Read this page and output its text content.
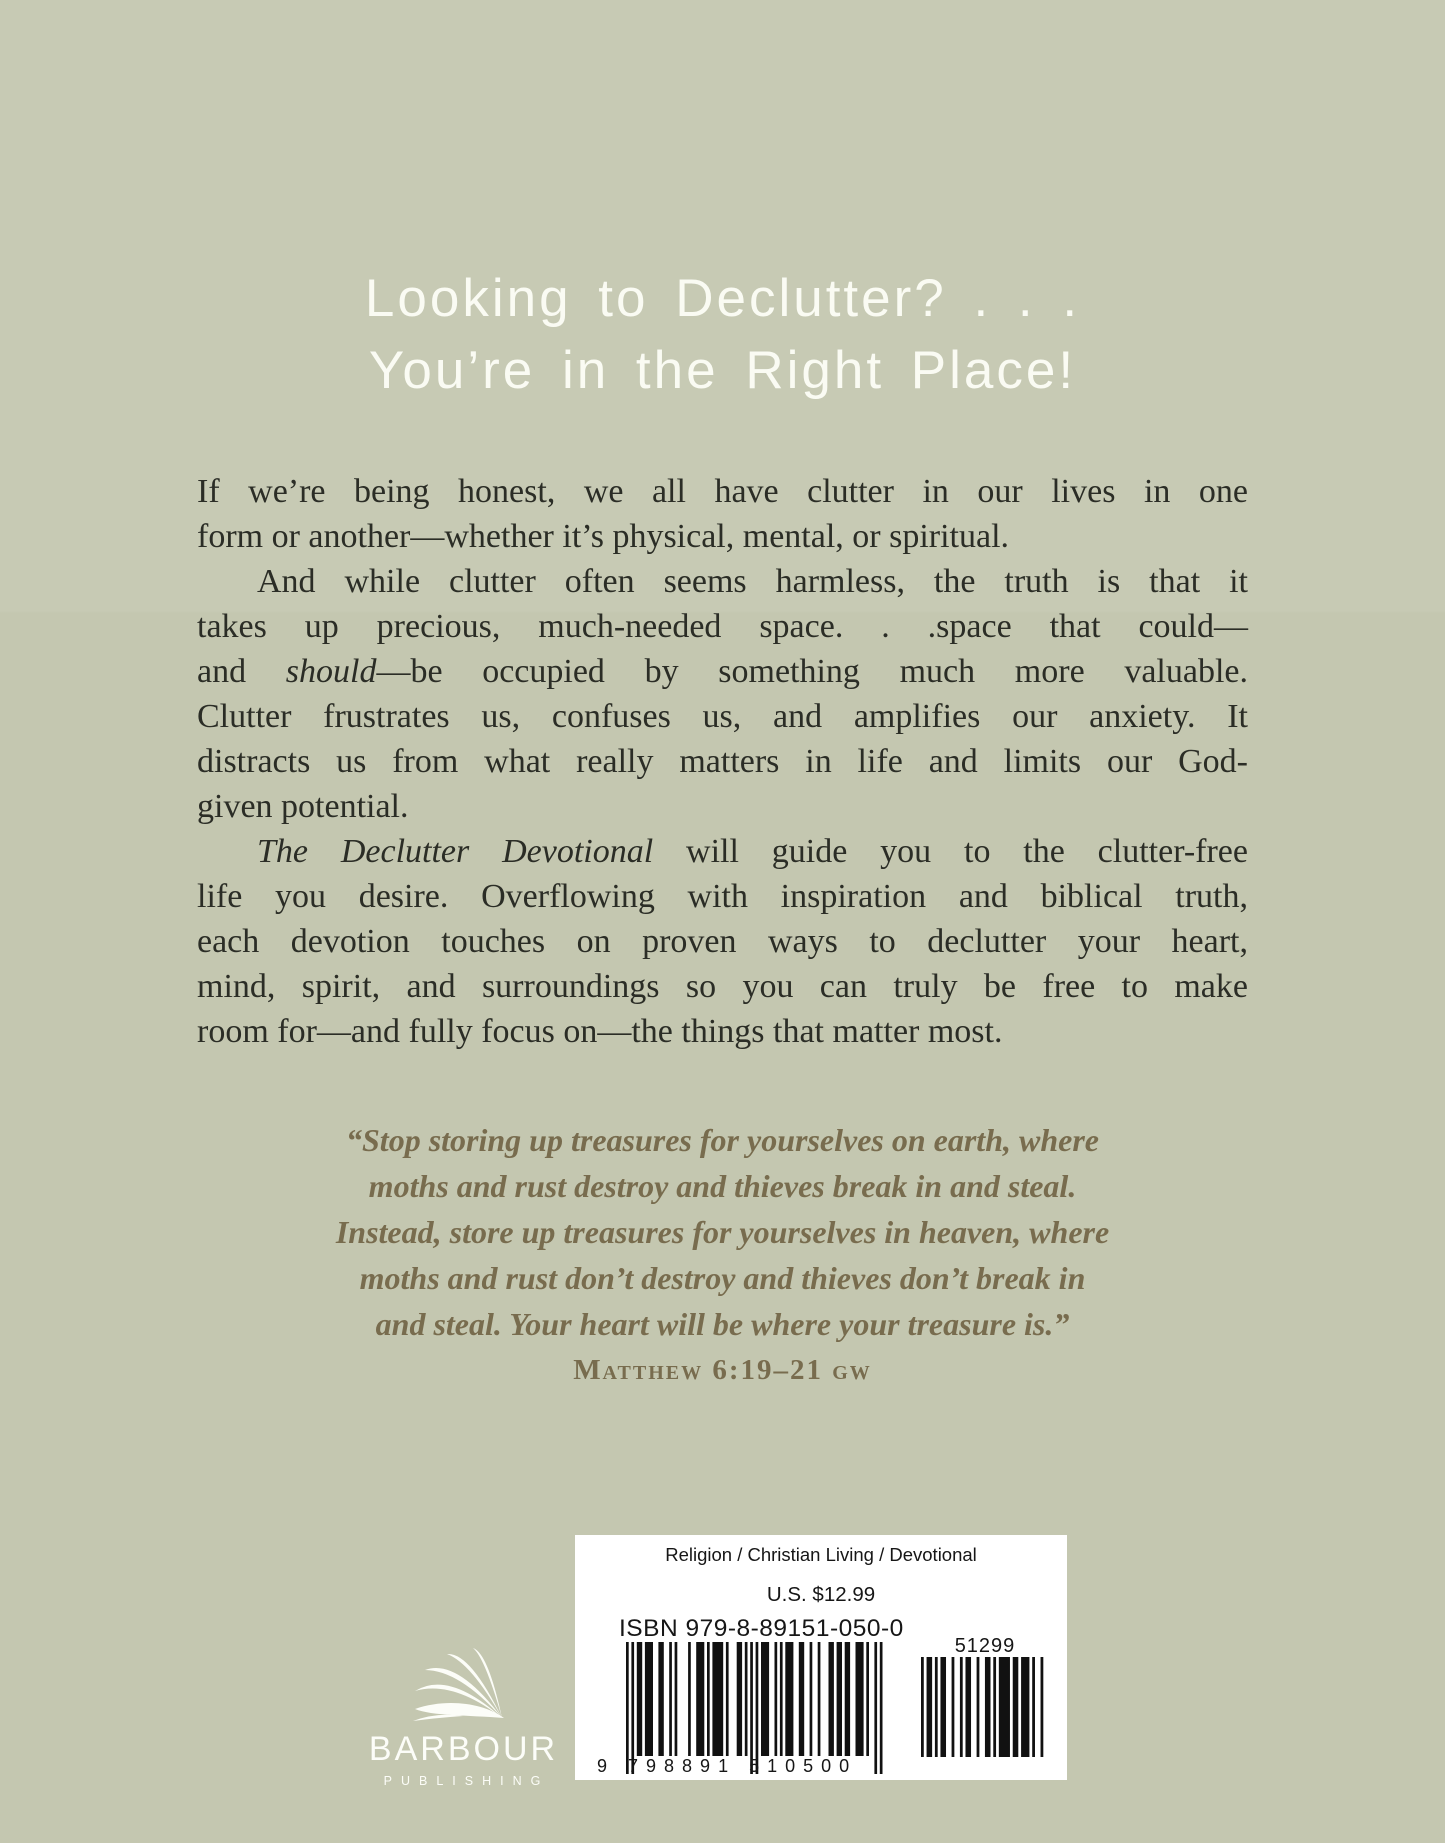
Looking to Declutter? . . .
You’re in the Right Place!
If we’re being honest, we all have clutter in our lives in one
form or another—whether it’s physical, mental, or spiritual.
And while clutter often seems harmless, the truth is that it
takes up precious, much-needed space. . .space that could—
and should—be occupied by something much more valuable.
Clutter frustrates us, confuses us, and amplifies our anxiety. It
distracts us from what really matters in life and limits our God-
given potential.
The Declutter Devotional will guide you to the clutter-free
life you desire. Overflowing with inspiration and biblical truth,
each devotion touches on proven ways to declutter your heart,
mind, spirit, and surroundings so you can truly be free to make
room for—and fully focus on—the things that matter most.
“Stop storing up treasures for yourselves on earth, where
moths and rust destroy and thieves break in and steal.
Instead, store up treasures for yourselves in heaven, where
moths and rust don’t destroy and thieves don’t break in
and steal. Your heart will be where your treasure is.”
Matthew 6:19–21 gw
Religion / Christian Living / Devotional
U.S. $12.99
ISBN 979-8-89151-050-0
9 798891 510500
51299
BARBOUR
PUBLISHING
